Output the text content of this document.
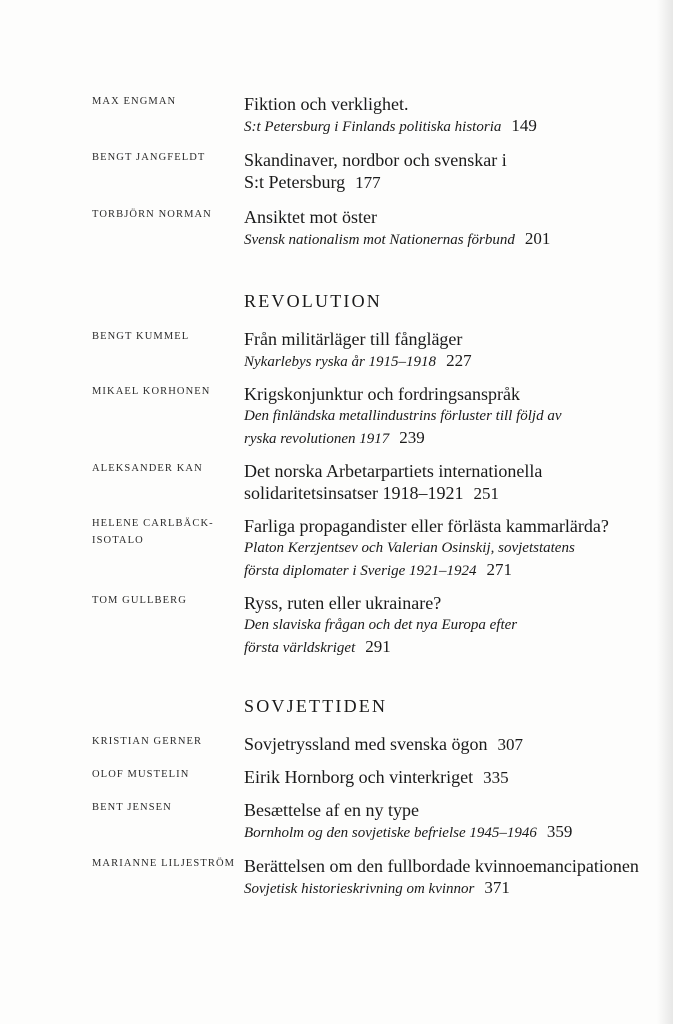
MAX ENGMAN	Fiktion och verklighet.
S:t Petersburg i Finlands politiska historia 149
BENGT JANGFELDT Skandinaver, nordbor och svenskar i
S:t Petersburg 177
TORBJÖRN NORMAN Ansiktet mot öster
Svensk nationalism mot Nationernas förbund 201
REVOLUTION
BENGT KUMMEL	Från militärläger till fångläger
Nykarlebys ryska år 1915–1918 227
MIKAEL KORHONEN Krigskonjunktur och fordringsanspråk
Den finländska metallindustrins förluster till följd av
ryska revolutionen 1917 239
ALEKSANDER KAN Det norska Arbetarpartiets internationella
solidaritetsinsatser 1918–1921 251
HELENE CARLBÄCK-
ISOTALO
Farliga propagandister eller förlästa kammarlärda?
Platon Kerzjentsev och Valerian Osinskij, sovjetstatens
första diplomater i Sverige 1921–1924 271
TOM GULLBERG	Ryss, ruten eller ukrainare?
Den slaviska frågan och det nya Europa efter
första världskriget 291
SOVJETTIDEN
KRISTIAN GERNER Sovjetryssland med svenska ögon 307
OLOF MUSTELIN	Eirik Hornborg och vinterkriget 335
BENT JENSEN	Besættelse af en ny type
Bornholm og den sovjetiske befrielse 1945–1946 359
MARIANNE LILJESTRÖM Berättelsen om den fullbordade kvinnoemancipationen
Sovjetisk historieskrivning om kvinnor 371
